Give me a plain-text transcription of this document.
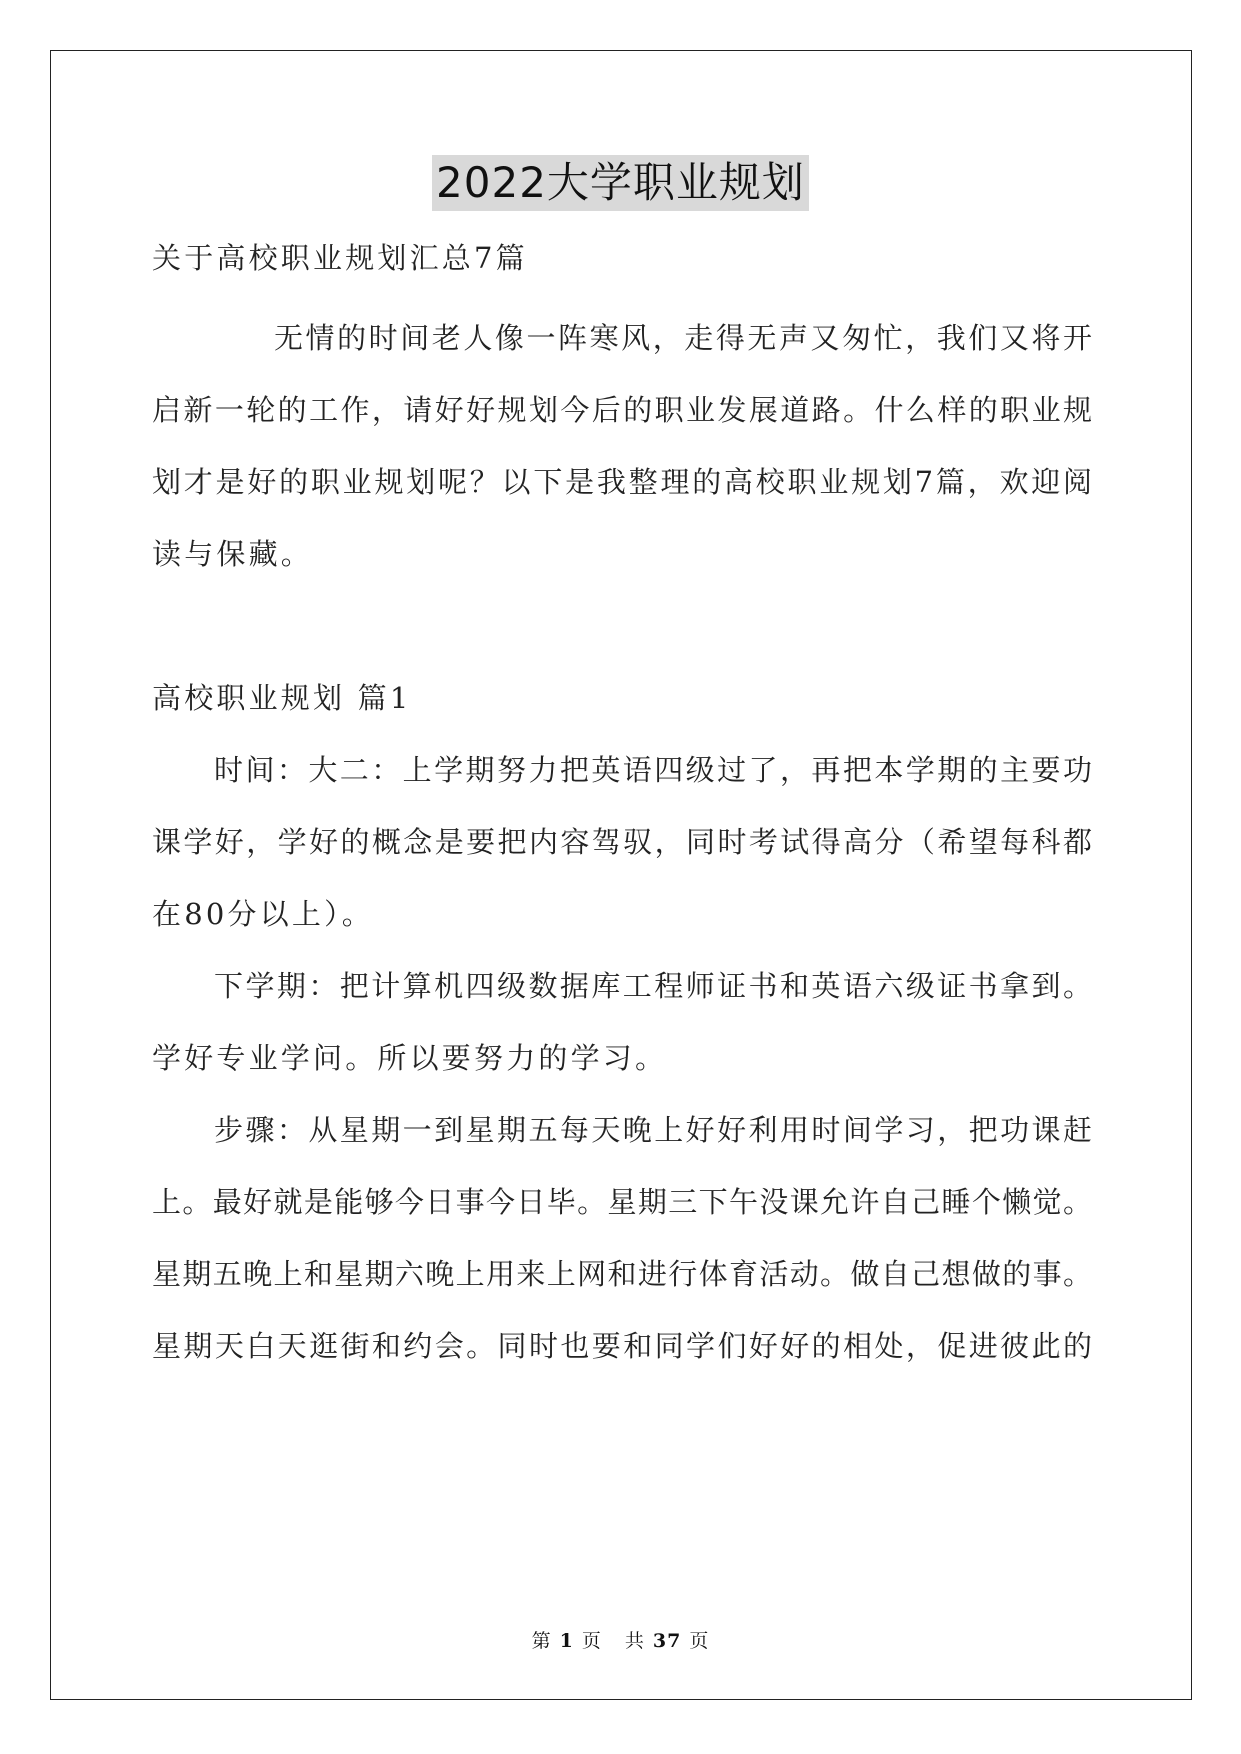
2022大学职业规划
关于高校职业规划汇总7篇
无情的时间老人像一阵寒风，走得无声又匆忙，我们又将开
启新一轮的工作，请好好规划今后的职业发展道路。什么样的职业规
划才是好的职业规划呢？以下是我整理的高校职业规划7篇，欢迎阅
读与保藏。
高校职业规划 篇1
时间：大二：上学期努力把英语四级过了，再把本学期的主要功
课学好，学好的概念是要把内容驾驭，同时考试得高分（希望每科都
在80分以上）。
下学期：把计算机四级数据库工程师证书和英语六级证书拿到。
学好专业学问。所以要努力的学习。
步骤：从星期一到星期五每天晚上好好利用时间学习，把功课赶
上。最好就是能够今日事今日毕。星期三下午没课允许自己睡个懒觉。
星期五晚上和星期六晚上用来上网和进行体育活动。做自己想做的事。
星期天白天逛街和约会。同时也要和同学们好好的相处，促进彼此的
第 1 页 共 37 页
